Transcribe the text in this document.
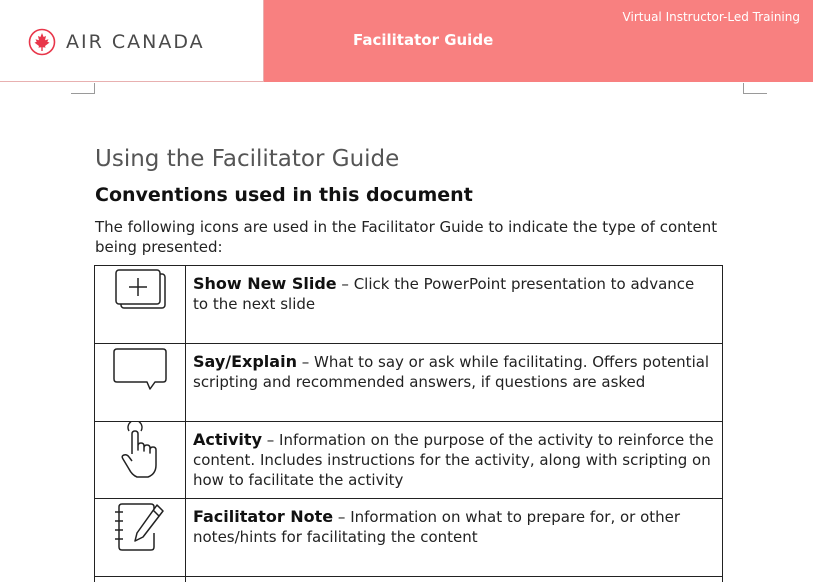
AIR CANADA
Virtual Instructor-Led Training
Facilitator Guide
Using the Facilitator Guide
Conventions used in this document

The following icons are used in the Facilitator Guide to indicate the type of content being presented:

	Show New Slide – Click the PowerPoint presentation to advance to the next slide

	Say/Explain – What to say or ask while facilitating. Offers potential scripting and recommended answers, if questions are asked

	Activity – Information on the purpose of the activity to reinforce the content. Includes instructions for the activity, along with scripting on how to facilitate the activity

	Facilitator Note – Information on what to prepare for, or other notes/hints for facilitating the content
